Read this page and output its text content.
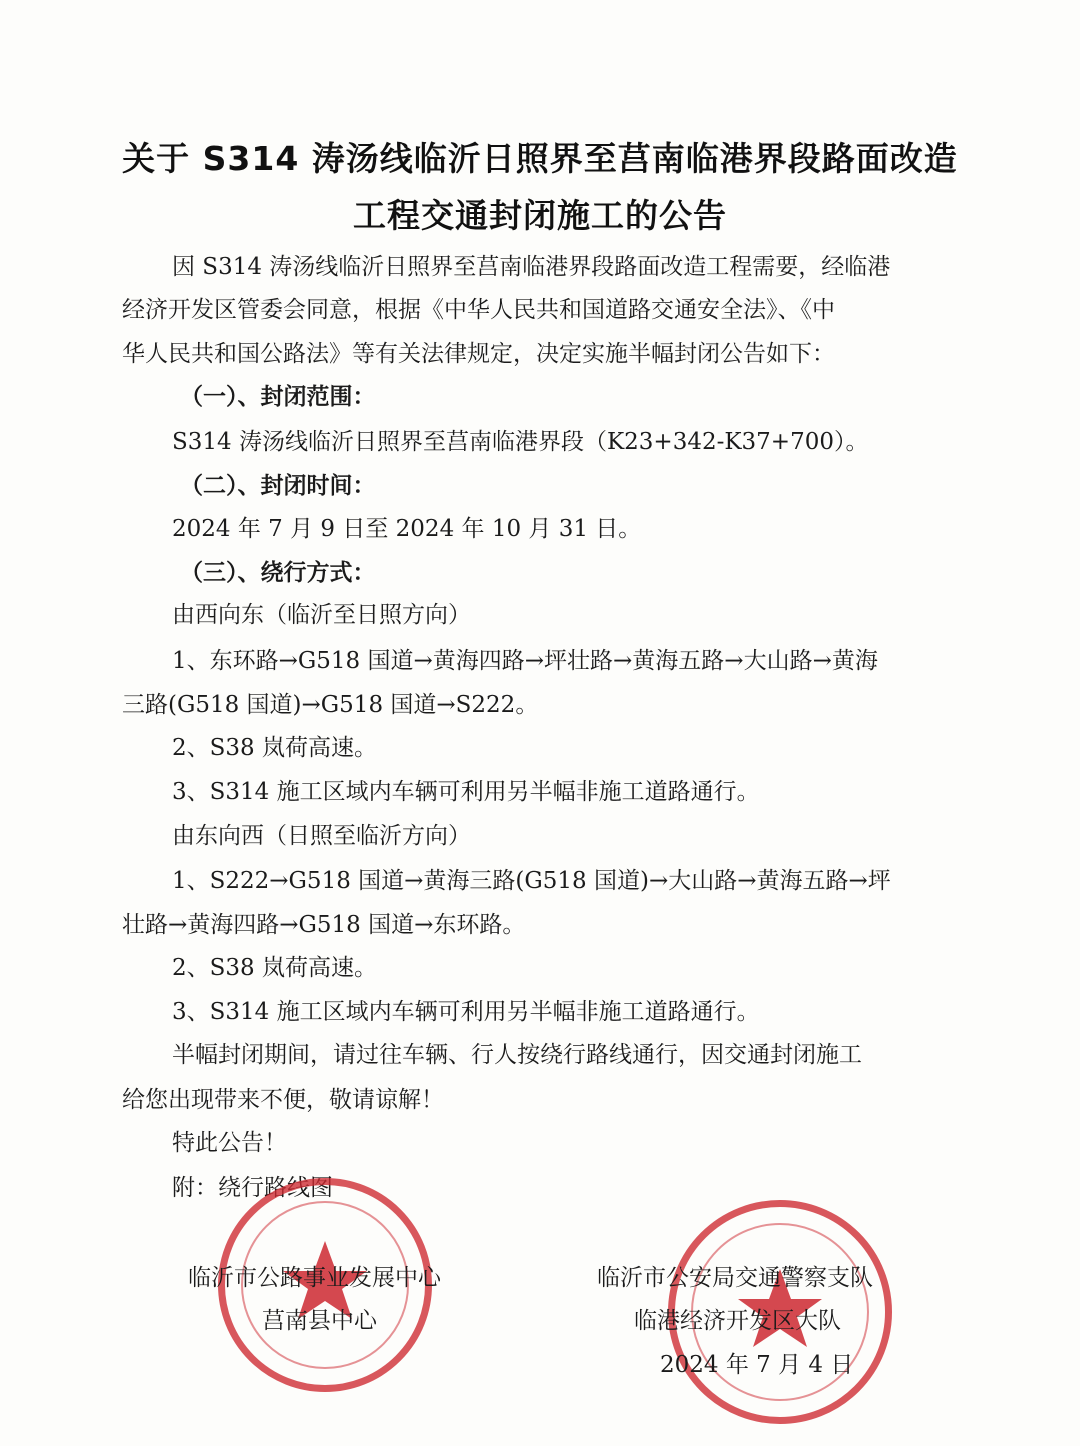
关于 S314 涛汤线临沂日照界至莒南临港界段路面改造
工程交通封闭施工的公告
因 S314 涛汤线临沂日照界至莒南临港界段路面改造工程需要，经临港
经济开发区管委会同意，根据《中华人民共和国道路交通安全法》、《中
华人民共和国公路法》等有关法律规定，决定实施半幅封闭公告如下：
（一）、封闭范围：
S314 涛汤线临沂日照界至莒南临港界段（K23+342-K37+700）。
（二）、封闭时间：
2024 年 7 月 9 日至 2024 年 10 月 31 日。
（三）、绕行方式：
由西向东（临沂至日照方向）
1、东环路→G518 国道→黄海四路→坪壮路→黄海五路→大山路→黄海
三路(G518 国道)→G518 国道→S222。
2、S38 岚荷高速。
3、S314 施工区域内车辆可利用另半幅非施工道路通行。
由东向西（日照至临沂方向）
1、S222→G518 国道→黄海三路(G518 国道)→大山路→黄海五路→坪
壮路→黄海四路→G518 国道→东环路。
2、S38 岚荷高速。
3、S314 施工区域内车辆可利用另半幅非施工道路通行。
半幅封闭期间，请过往车辆、行人按绕行路线通行，因交通封闭施工
给您出现带来不便，敬请谅解！
特此公告！
附：绕行路线图
临沂市公路事业发展中心
莒南县中心
临沂市公安局交通警察支队
临港经济开发区大队
2024 年 7 月 4 日
